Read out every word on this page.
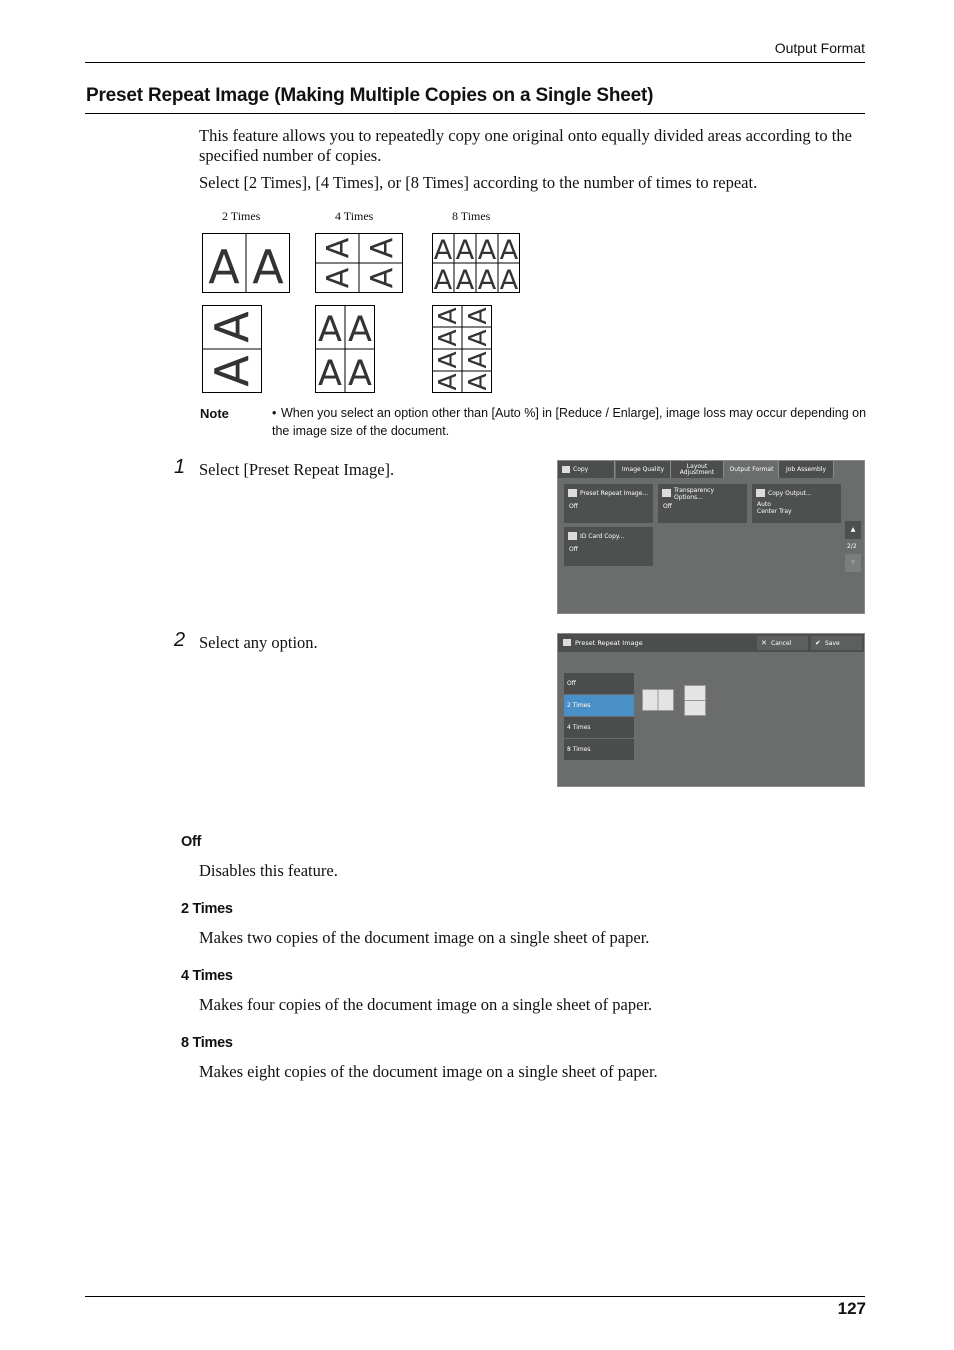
Output Format
Preset Repeat Image (Making Multiple Copies on a Single Sheet)
This feature allows you to repeatedly copy one original onto equally divided areas according to the specified number of copies.
Select [2 Times], [4 Times], or [8 Times] according to the number of times to repeat.
2 Times	4 Times	8 Times
A A A A
A A
A A A A
A A A A
A
A
A A
A A
A A
A A
A A
A A
Note	• When you select an option other than [Auto %] in [Reduce / Enlarge], image loss may occur depending on the image size of the document.
1 Select [Preset Repeat Image].	Copy	Image Quality	Layout Adjustment	Output Format Job Assembly
Preset Repeat Image...
Off
Transparency Options...
Off
Copy Output...
Auto
Center Tray
ID Card Copy...
Off
▲
2/2
▼
2 Select any option.	Preset Repeat Image	✕ Cancel	✔ Save
Off
2 Times
4 Times
8 Times
Off
Disables this feature.
2 Times
Makes two copies of the document image on a single sheet of paper.
4 Times
Makes four copies of the document image on a single sheet of paper.
8 Times
Makes eight copies of the document image on a single sheet of paper.
127
